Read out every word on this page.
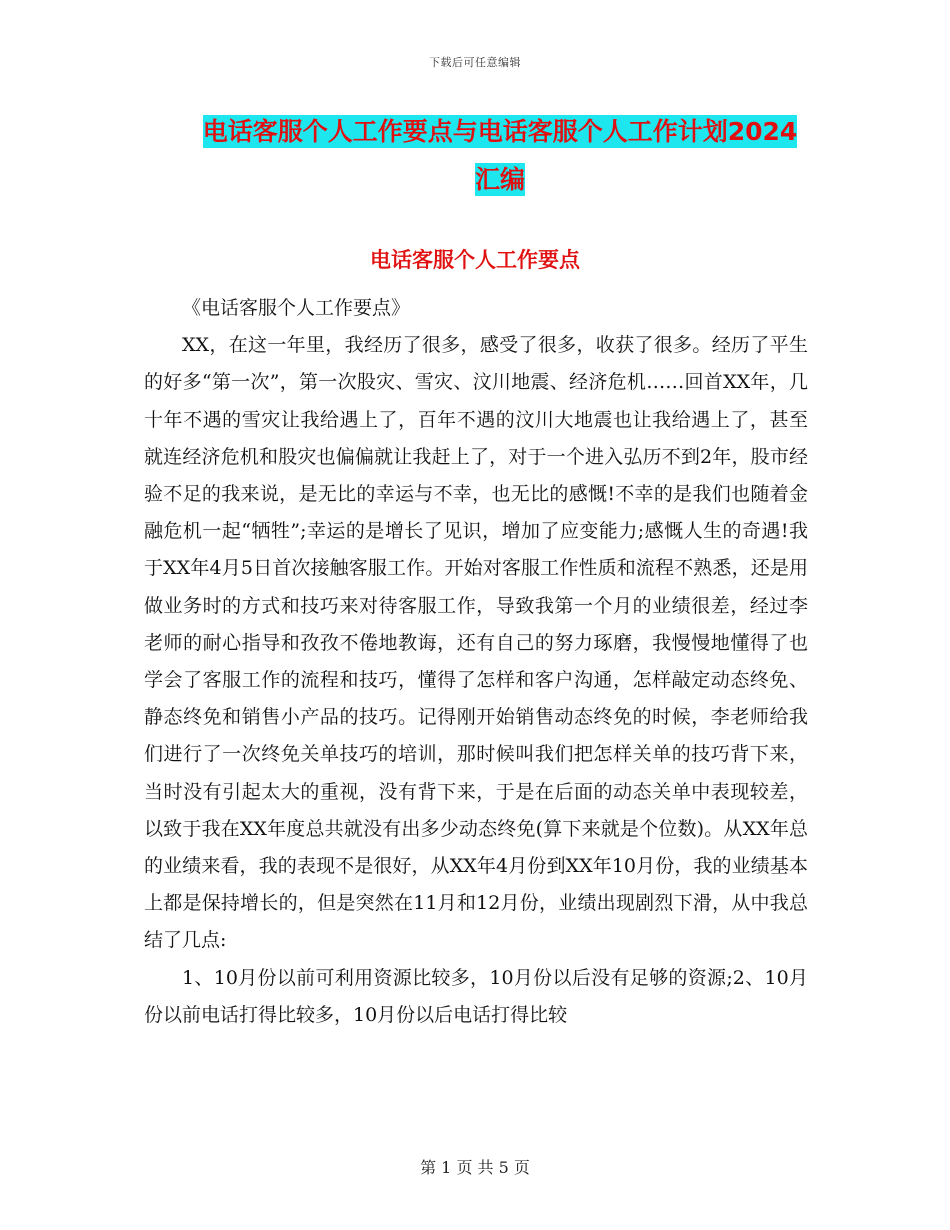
下载后可任意编辑
电话客服个人工作要点与电话客服个人工作计划2024
汇编
电话客服个人工作要点

《电话客服个人工作要点》

XX，在这一年里，我经历了很多，感受了很多，收获了很多。经历了平生的好多“第一次”，第一次股灾、雪灾、汶川地震、经济危机……回首XX年，几十年不遇的雪灾让我给遇上了，百年不遇的汶川大地震也让我给遇上了，甚至就连经济危机和股灾也偏偏就让我赶上了，对于一个进入弘历不到2年，股市经验不足的我来说，是无比的幸运与不幸，也无比的感慨!不幸的是我们也随着金融危机一起“牺牲”;幸运的是增长了见识，增加了应变能力;感慨人生的奇遇!我于XX年4月5日首次接触客服工作。开始对客服工作性质和流程不熟悉，还是用做业务时的方式和技巧来对待客服工作，导致我第一个月的业绩很差，经过李老师的耐心指导和孜孜不倦地教诲，还有自己的努力琢磨，我慢慢地懂得了也学会了客服工作的流程和技巧，懂得了怎样和客户沟通，怎样敲定动态终免、静态终免和销售小产品的技巧。记得刚开始销售动态终免的时候，李老师给我们进行了一次终免关单技巧的培训，那时候叫我们把怎样关单的技巧背下来，当时没有引起太大的重视，没有背下来，于是在后面的动态关单中表现较差，以致于我在XX年度总共就没有出多少动态终免(算下来就是个位数)。从XX年总的业绩来看，我的表现不是很好，从XX年4月份到XX年10月份，我的业绩基本上都是保持增长的，但是突然在11月和12月份，业绩出现剧烈下滑，从中我总结了几点:

1、10月份以前可利用资源比较多，10月份以后没有足够的资源;2、10月份以前电话打得比较多，10月份以后电话打得比较

第 1 页 共 5 页
